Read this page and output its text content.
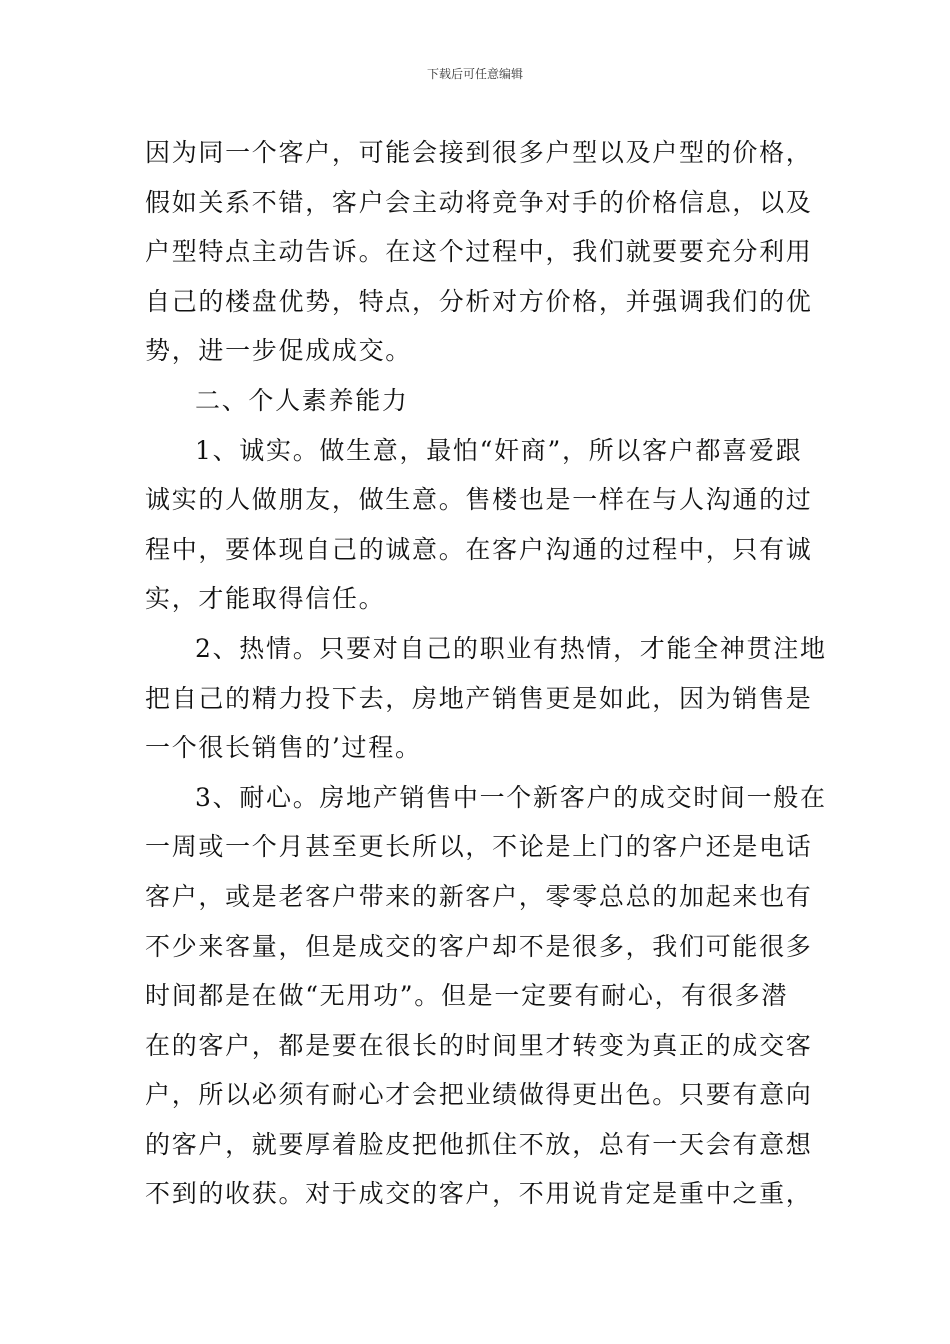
下载后可任意编辑
因为同一个客户，可能会接到很多户型以及户型的价格，
假如关系不错，客户会主动将竞争对手的价格信息，以及
户型特点主动告诉。在这个过程中，我们就要要充分利用
自己的楼盘优势，特点，分析对方价格，并强调我们的优
势，进一步促成成交。
二、个人素养能力
1、诚实。做生意，最怕“奸商”，所以客户都喜爱跟
诚实的人做朋友，做生意。售楼也是一样在与人沟通的过
程中，要体现自己的诚意。在客户沟通的过程中，只有诚
实，才能取得信任。
2、热情。只要对自己的职业有热情，才能全神贯注地
把自己的精力投下去，房地产销售更是如此，因为销售是
一个很长销售的’过程。
3、耐心。房地产销售中一个新客户的成交时间一般在
一周或一个月甚至更长所以，不论是上门的客户还是电话
客户，或是老客户带来的新客户，零零总总的加起来也有
不少来客量，但是成交的客户却不是很多，我们可能很多
时间都是在做“无用功”。但是一定要有耐心，有很多潜
在的客户，都是要在很长的时间里才转变为真正的成交客
户，所以必须有耐心才会把业绩做得更出色。只要有意向
的客户，就要厚着脸皮把他抓住不放，总有一天会有意想
不到的收获。对于成交的客户，不用说肯定是重中之重，
